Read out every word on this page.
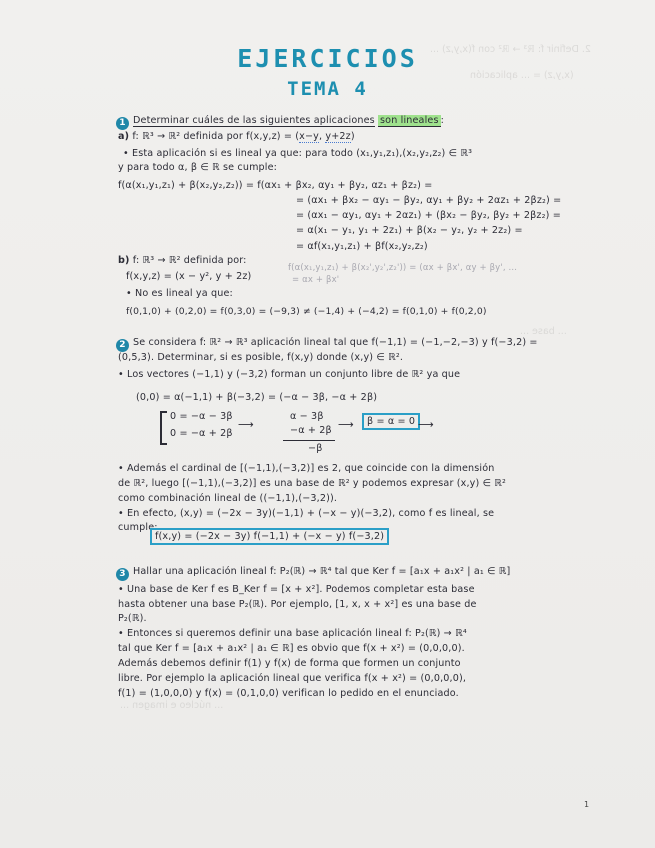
2. Definir f: ℝ³ → ℝ² con f(x,y,z) ...
(x,y,z) = ... aplicación
... base ...
... núcleo e imagen ...
EJERCICIOS
TEMA 4
1 Determinar cuáles de las siguientes aplicaciones son lineales :
a) f: ℝ³ → ℝ² definida por f(x,y,z) = (x−y, y+2z)
• Esta aplicación si es lineal ya que: para todo (x₁,y₁,z₁),(x₂,y₂,z₂) ∈ ℝ³
y para todo α, β ∈ ℝ se cumple:
f(α(x₁,y₁,z₁) + β(x₂,y₂,z₂)) = f(αx₁ + βx₂, αy₁ + βy₂, αz₁ + βz₂) =
= (αx₁ + βx₂ − αy₁ − βy₂, αy₁ + βy₂ + 2αz₁ + 2βz₂) =
= (αx₁ − αy₁, αy₁ + 2αz₁) + (βx₂ − βy₂, βy₂ + 2βz₂) =
= α(x₁ − y₁, y₁ + 2z₁) + β(x₂ − y₂, y₂ + 2z₂) =
= αf(x₁,y₁,z₁) + βf(x₂,y₂,z₂)
b) f: ℝ³ → ℝ² definida por:
f(x,y,z) = (x − y², y + 2z)
f(α(x₁,y₁,z₁) + β(x₂',y₂',z₂')) = (αx + βx', αy + βy', ...
= αx + βx'
• No es lineal ya que:
f(0,1,0) + (0,2,0) = f(0,3,0) = (−9,3) ≠ (−1,4) + (−4,2) = f(0,1,0) + f(0,2,0)
2 Se considera f: ℝ² → ℝ³ aplicación lineal tal que f(−1,1) = (−1,−2,−3) y f(−3,2) =
(0,5,3). Determinar, si es posible, f(x,y) donde (x,y) ∈ ℝ².
• Los vectores (−1,1) y (−3,2) forman un conjunto libre de ℝ² ya que
(0,0) = α(−1,1) + β(−3,2) = (−α − 3β, −α + 2β)
0 = −α − 3β
0 = −α + 2β
⟶
α − 3β
−α + 2β
−β
⟶	β = α = 0 ⟶
• Además el cardinal de [(−1,1),(−3,2)] es 2, que coincide con la dimensión
de ℝ², luego [(−1,1),(−3,2)] es una base de ℝ² y podemos expresar (x,y) ∈ ℝ²
como combinación lineal de ((−1,1),(−3,2)).
• En efecto, (x,y) = (−2x − 3y)(−1,1) + (−x − y)(−3,2), como f es lineal, se
cumple:
f(x,y) = (−2x − 3y) f(−1,1) + (−x − y) f(−3,2)
3 Hallar una aplicación lineal f: P₂(ℝ) → ℝ⁴ tal que Ker f = [a₁x + a₁x² | a₁ ∈ ℝ]
• Una base de Ker f es B_Ker f = [x + x²]. Podemos completar esta base
hasta obtener una base P₂(ℝ). Por ejemplo, [1, x, x + x²] es una base de
P₂(ℝ).
• Entonces si queremos definir una base aplicación lineal f: P₂(ℝ) → ℝ⁴
tal que Ker f = [a₁x + a₁x² | a₁ ∈ ℝ] es obvio que f(x + x²) = (0,0,0,0).
Además debemos definir f(1) y f(x) de forma que formen un conjunto
libre. Por ejemplo la aplicación lineal que verifica f(x + x²) = (0,0,0,0),
f(1) = (1,0,0,0) y f(x) = (0,1,0,0) verifican lo pedido en el enunciado.
1
